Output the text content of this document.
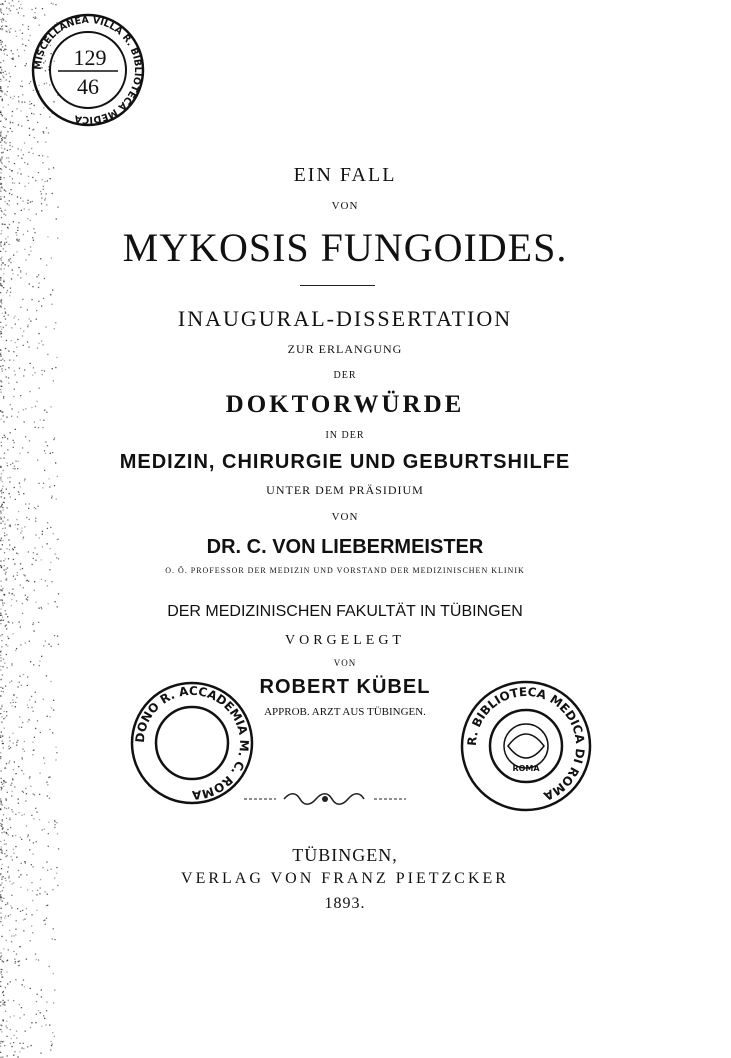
MISCELLANEA VILLA R. BIBLIOTECA MEDICA
129
46

EIN FALL

VON

MYKOSIS FUNGOIDES.

INAUGURAL-DISSERTATION

ZUR ERLANGUNG

DER

DOKTORWÜRDE

IN DER

MEDIZIN, CHIRURGIE UND GEBURTSHILFE

UNTER DEM PRÄSIDIUM

VON

DR. C. VON LIEBERMEISTER

O. Ö. PROFESSOR DER MEDIZIN UND VORSTAND DER MEDIZINISCHEN KLINIK

DER MEDIZINISCHEN FAKULTÄT IN TÜBINGEN

VORGELEGT

VON

ROBERT KÜBEL

APPROB. ARZT AUS TÜBINGEN.

DONO R. ACCADEMIA M. C. ROMA
R. BIBLIOTECA MEDICA DI ROMA
ROMA

TÜBINGEN,

VERLAG VON FRANZ PIETZCKER

1893.
